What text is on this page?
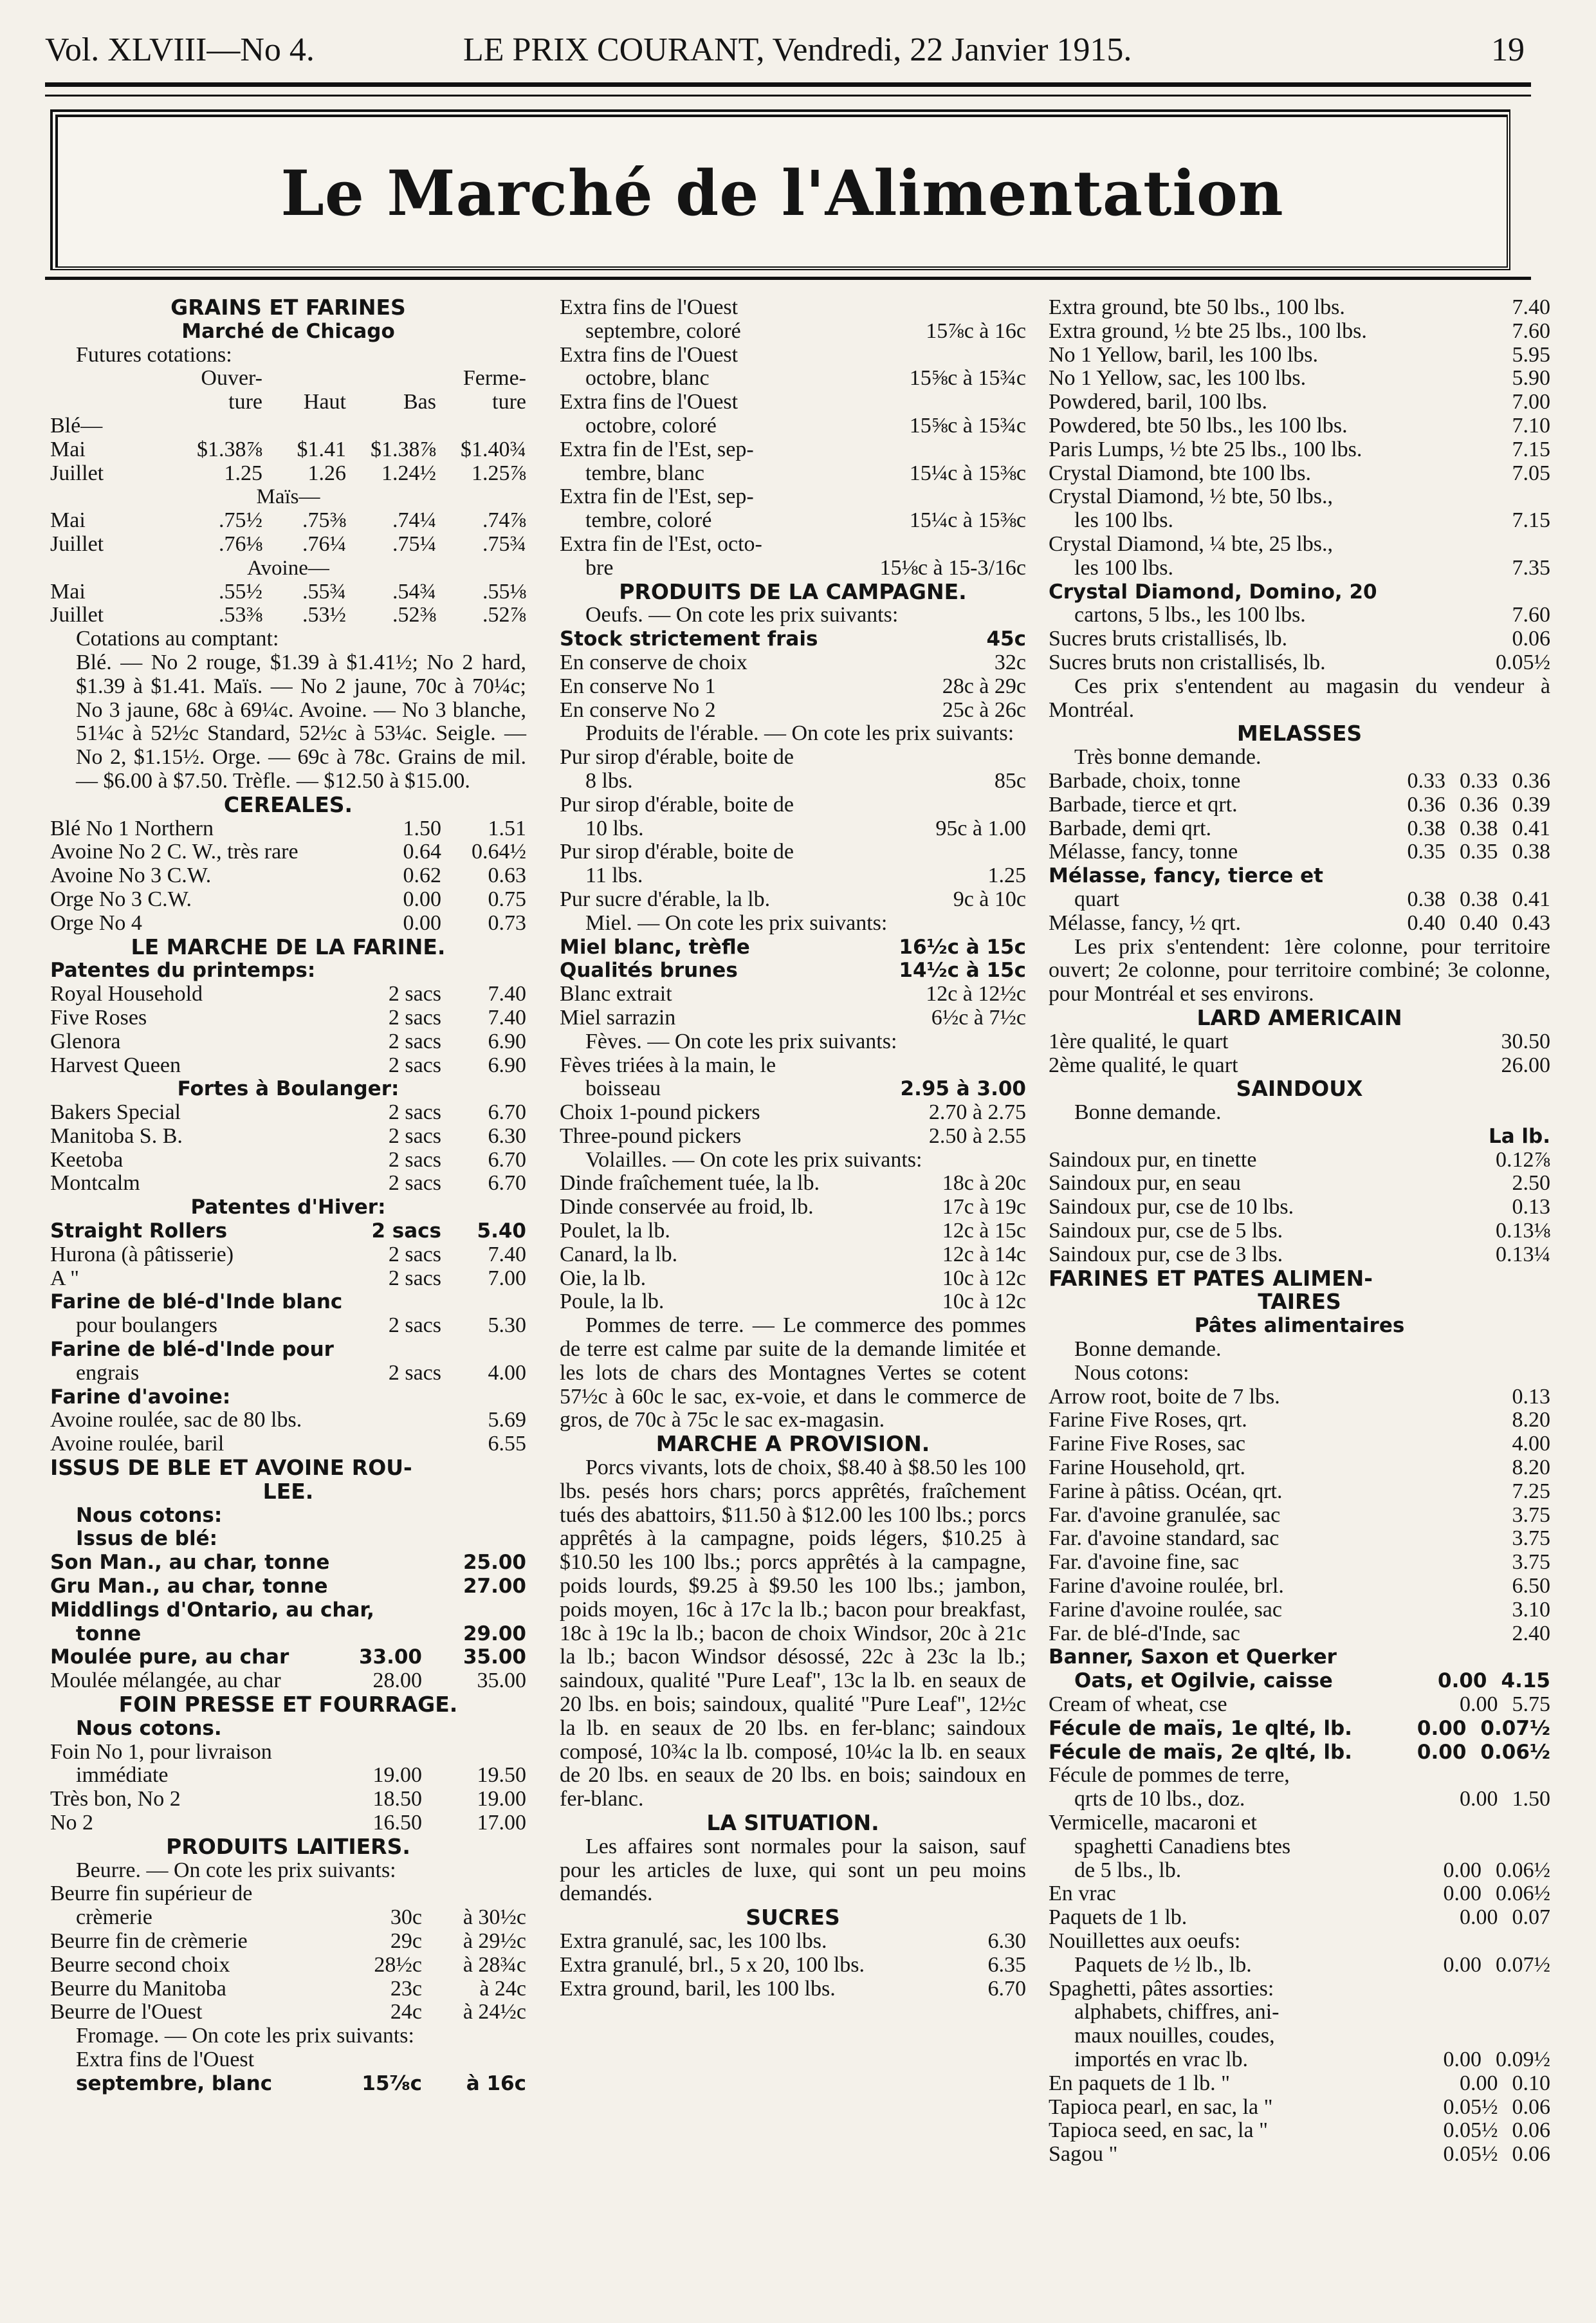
Vol. XLVIII—No 4.	LE PRIX COURANT, Vendredi, 22 Janvier 1915.	19
Le Marché de l'Alimentation
GRAINS ET FARINES
Marché de Chicago
Futures cotations:
Ouver-	Ferme-
ture	Haut	Bas	ture
Blé—
Mai	$1.38⅞	$1.41	$1.38⅞	$1.40¾
Juillet	1.25	1.26	1.24½	1.25⅞
Maïs—
Mai	.75½	.75⅜	.74¼	.74⅞
Juillet	.76⅛	.76¼	.75¼	.75¾
Avoine—
Mai	.55½	.55¾	.54¾	.55⅛
Juillet	.53⅜	.53½	.52⅜	.52⅞
Cotations au comptant:
Blé. — No 2 rouge, $1.39 à $1.41½; No 2 hard, $1.39 à $1.41. Maïs. — No 2 jaune, 70c à 70¼c; No 3 jaune, 68c à 69¼c. Avoine. — No 3 blanche, 51¼c à 52½c Standard, 52½c à 53¼c. Seigle. — No 2, $1.15½. Orge. — 69c à 78c. Grains de mil. — $6.00 à $7.50. Trèfle. — $12.50 à $15.00.
CEREALES.
Blé No 1 Northern	1.50	1.51
Avoine No 2 C. W., très rare	0.64	0.64½
Avoine No 3 C.W.	0.62	0.63
Orge No 3 C.W.	0.00	0.75
Orge No 4	0.00	0.73
LE MARCHE DE LA FARINE.
Patentes du printemps:
Royal Household	2 sacs	7.40
Five Roses	2 sacs	7.40
Glenora	2 sacs	6.90
Harvest Queen	2 sacs	6.90
Fortes à Boulanger:
Bakers Special	2 sacs	6.70
Manitoba S. B.	2 sacs	6.30
Keetoba	2 sacs	6.70
Montcalm	2 sacs	6.70
Patentes d'Hiver:
Straight Rollers	2 sacs	5.40
Hurona (à pâtisserie)	2 sacs	7.40
A "	2 sacs	7.00
Farine de blé-d'Inde blanc
pour boulangers	2 sacs	5.30
Farine de blé-d'Inde pour
engrais	2 sacs	4.00
Farine d'avoine:
Avoine roulée, sac de 80 lbs.	5.69
Avoine roulée, baril	6.55
ISSUS DE BLE ET AVOINE ROU-
LEE.
Nous cotons:
Issus de blé:
Son Man., au char, tonne	25.00
Gru Man., au char, tonne	27.00
Middlings d'Ontario, au char,
tonne	29.00
Moulée pure, au char	33.00	35.00
Moulée mélangée, au char	28.00	35.00
FOIN PRESSE ET FOURRAGE.
Nous cotons.
Foin No 1, pour livraison
immédiate	19.00	19.50
Très bon, No 2	18.50	19.00
No 2	16.50	17.00
PRODUITS LAITIERS.
Beurre. — On cote les prix suivants:
Beurre fin supérieur de
crèmerie	30c	à 30½c
Beurre fin de crèmerie	29c	à 29½c
Beurre second choix	28½c	à 28¾c
Beurre du Manitoba	23c	à 24c
Beurre de l'Ouest	24c	à 24½c
Fromage. — On cote les prix suivants:
Extra fins de l'Ouest
septembre, blanc	15⅞c	à 16c
Extra fins de l'Ouest
septembre, coloré	15⅞c à 16c
Extra fins de l'Ouest
octobre, blanc	15⅝c à 15¾c
Extra fins de l'Ouest
octobre, coloré	15⅝c à 15¾c
Extra fin de l'Est, sep-
tembre, blanc	15¼c à 15⅜c
Extra fin de l'Est, sep-
tembre, coloré	15¼c à 15⅜c
Extra fin de l'Est, octo-
bre	15⅛c à 15-3/16c
PRODUITS DE LA CAMPAGNE.
Oeufs. — On cote les prix suivants:
Stock strictement frais	45c
En conserve de choix	32c
En conserve No 1	28c à 29c
En conserve No 2	25c à 26c
Produits de l'érable. — On cote les prix suivants:
Pur sirop d'érable, boite de
8 lbs.	85c
Pur sirop d'érable, boite de
10 lbs.	95c à 1.00
Pur sirop d'érable, boite de
11 lbs.	1.25
Pur sucre d'érable, la lb.	9c à 10c
Miel. — On cote les prix suivants:
Miel blanc, trèfle	16½c à 15c
Qualités brunes	14½c à 15c
Blanc extrait	12c à 12½c
Miel sarrazin	6½c à 7½c
Fèves. — On cote les prix suivants:
Fèves triées à la main, le
boisseau	2.95 à 3.00
Choix 1-pound pickers	2.70 à 2.75
Three-pound pickers	2.50 à 2.55
Volailles. — On cote les prix suivants:
Dinde fraîchement tuée, la lb.	18c à 20c
Dinde conservée au froid, lb.	17c à 19c
Poulet, la lb.	12c à 15c
Canard, la lb.	12c à 14c
Oie, la lb.	10c à 12c
Poule, la lb.	10c à 12c
Pommes de terre. — Le commerce des pommes de terre est calme par suite de la demande limitée et les lots de chars des Montagnes Vertes se cotent 57½c à 60c le sac, ex-voie, et dans le commerce de gros, de 70c à 75c le sac ex-magasin.
MARCHE A PROVISION.
Porcs vivants, lots de choix, $8.40 à $8.50 les 100 lbs. pesés hors chars; porcs apprêtés, fraîchement tués des abattoirs, $11.50 à $12.00 les 100 lbs.; porcs apprêtés à la campagne, poids légers, $10.25 à $10.50 les 100 lbs.; porcs apprêtés à la campagne, poids lourds, $9.25 à $9.50 les 100 lbs.; jambon, poids moyen, 16c à 17c la lb.; bacon pour breakfast, 18c à 19c la lb.; bacon de choix Windsor, 20c à 21c la lb.; bacon Windsor désossé, 22c à 23c la lb.; saindoux, qualité "Pure Leaf", 13c la lb. en seaux de 20 lbs. en bois; saindoux, qualité "Pure Leaf", 12½c la lb. en seaux de 20 lbs. en fer-blanc; saindoux composé, 10¾c la lb. composé, 10¼c la lb. en seaux de 20 lbs. en seaux de 20 lbs. en bois; saindoux en fer-blanc.
LA SITUATION.
Les affaires sont normales pour la saison, sauf pour les articles de luxe, qui sont un peu moins demandés.
SUCRES
Extra granulé, sac, les 100 lbs.	6.30
Extra granulé, brl., 5 x 20, 100 lbs.	6.35
Extra ground, baril, les 100 lbs.	6.70
Extra ground, bte 50 lbs., 100 lbs.	7.40
Extra ground, ½ bte 25 lbs., 100 lbs.	7.60
No 1 Yellow, baril, les 100 lbs.	5.95
No 1 Yellow, sac, les 100 lbs.	5.90
Powdered, baril, 100 lbs.	7.00
Powdered, bte 50 lbs., les 100 lbs.	7.10
Paris Lumps, ½ bte 25 lbs., 100 lbs.	7.15
Crystal Diamond, bte 100 lbs.	7.05
Crystal Diamond, ½ bte, 50 lbs.,
les 100 lbs.	7.15
Crystal Diamond, ¼ bte, 25 lbs.,
les 100 lbs.	7.35
Crystal Diamond, Domino, 20
cartons, 5 lbs., les 100 lbs.	7.60
Sucres bruts cristallisés, lb.	0.06
Sucres bruts non cristallisés, lb.	0.05½
Ces prix s'entendent au magasin du vendeur à Montréal.
MELASSES
Très bonne demande.
Barbade, choix, tonne	0.33 0.33 0.36
Barbade, tierce et qrt.	0.36 0.36 0.39
Barbade, demi qrt.	0.38 0.38 0.41
Mélasse, fancy, tonne	0.35 0.35 0.38
Mélasse, fancy, tierce et
quart	0.38 0.38 0.41
Mélasse, fancy, ½ qrt.	0.40 0.40 0.43
Les prix s'entendent: 1ère colonne, pour territoire ouvert; 2e colonne, pour territoire combiné; 3e colonne, pour Montréal et ses environs.
LARD AMERICAIN
1ère qualité, le quart	30.50
2ème qualité, le quart	26.00
SAINDOUX
Bonne demande.
La lb.
Saindoux pur, en tinette	0.12⅞
Saindoux pur, en seau	2.50
Saindoux pur, cse de 10 lbs.	0.13
Saindoux pur, cse de 5 lbs.	0.13⅛
Saindoux pur, cse de 3 lbs.	0.13¼
FARINES ET PATES ALIMEN-
TAIRES
Pâtes alimentaires
Bonne demande.
Nous cotons:
Arrow root, boite de 7 lbs.	0.13
Farine Five Roses, qrt.	8.20
Farine Five Roses, sac	4.00
Farine Household, qrt.	8.20
Farine à pâtiss. Océan, qrt.	7.25
Far. d'avoine granulée, sac	3.75
Far. d'avoine standard, sac	3.75
Far. d'avoine fine, sac	3.75
Farine d'avoine roulée, brl.	6.50
Farine d'avoine roulée, sac	3.10
Far. de blé-d'Inde, sac	2.40
Banner, Saxon et Querker
Oats, et Ogilvie, caisse	0.00 4.15
Cream of wheat, cse	0.00 5.75
Fécule de maïs, 1e qlté, lb.	0.00 0.07½
Fécule de maïs, 2e qlté, lb.	0.00 0.06½
Fécule de pommes de terre,
qrts de 10 lbs., doz.	0.00 1.50
Vermicelle, macaroni et
spaghetti Canadiens btes
de 5 lbs., lb.	0.00 0.06½
En vrac	0.00 0.06½
Paquets de 1 lb.	0.00 0.07
Nouillettes aux oeufs:
Paquets de ½ lb., lb.	0.00 0.07½
Spaghetti, pâtes assorties:
alphabets, chiffres, ani-
maux nouilles, coudes,
importés en vrac lb.	0.00 0.09½
En paquets de 1 lb. "	0.00 0.10
Tapioca pearl, en sac, la "	0.05½ 0.06
Tapioca seed, en sac, la "	0.05½ 0.06
Sagou "	0.05½ 0.06
